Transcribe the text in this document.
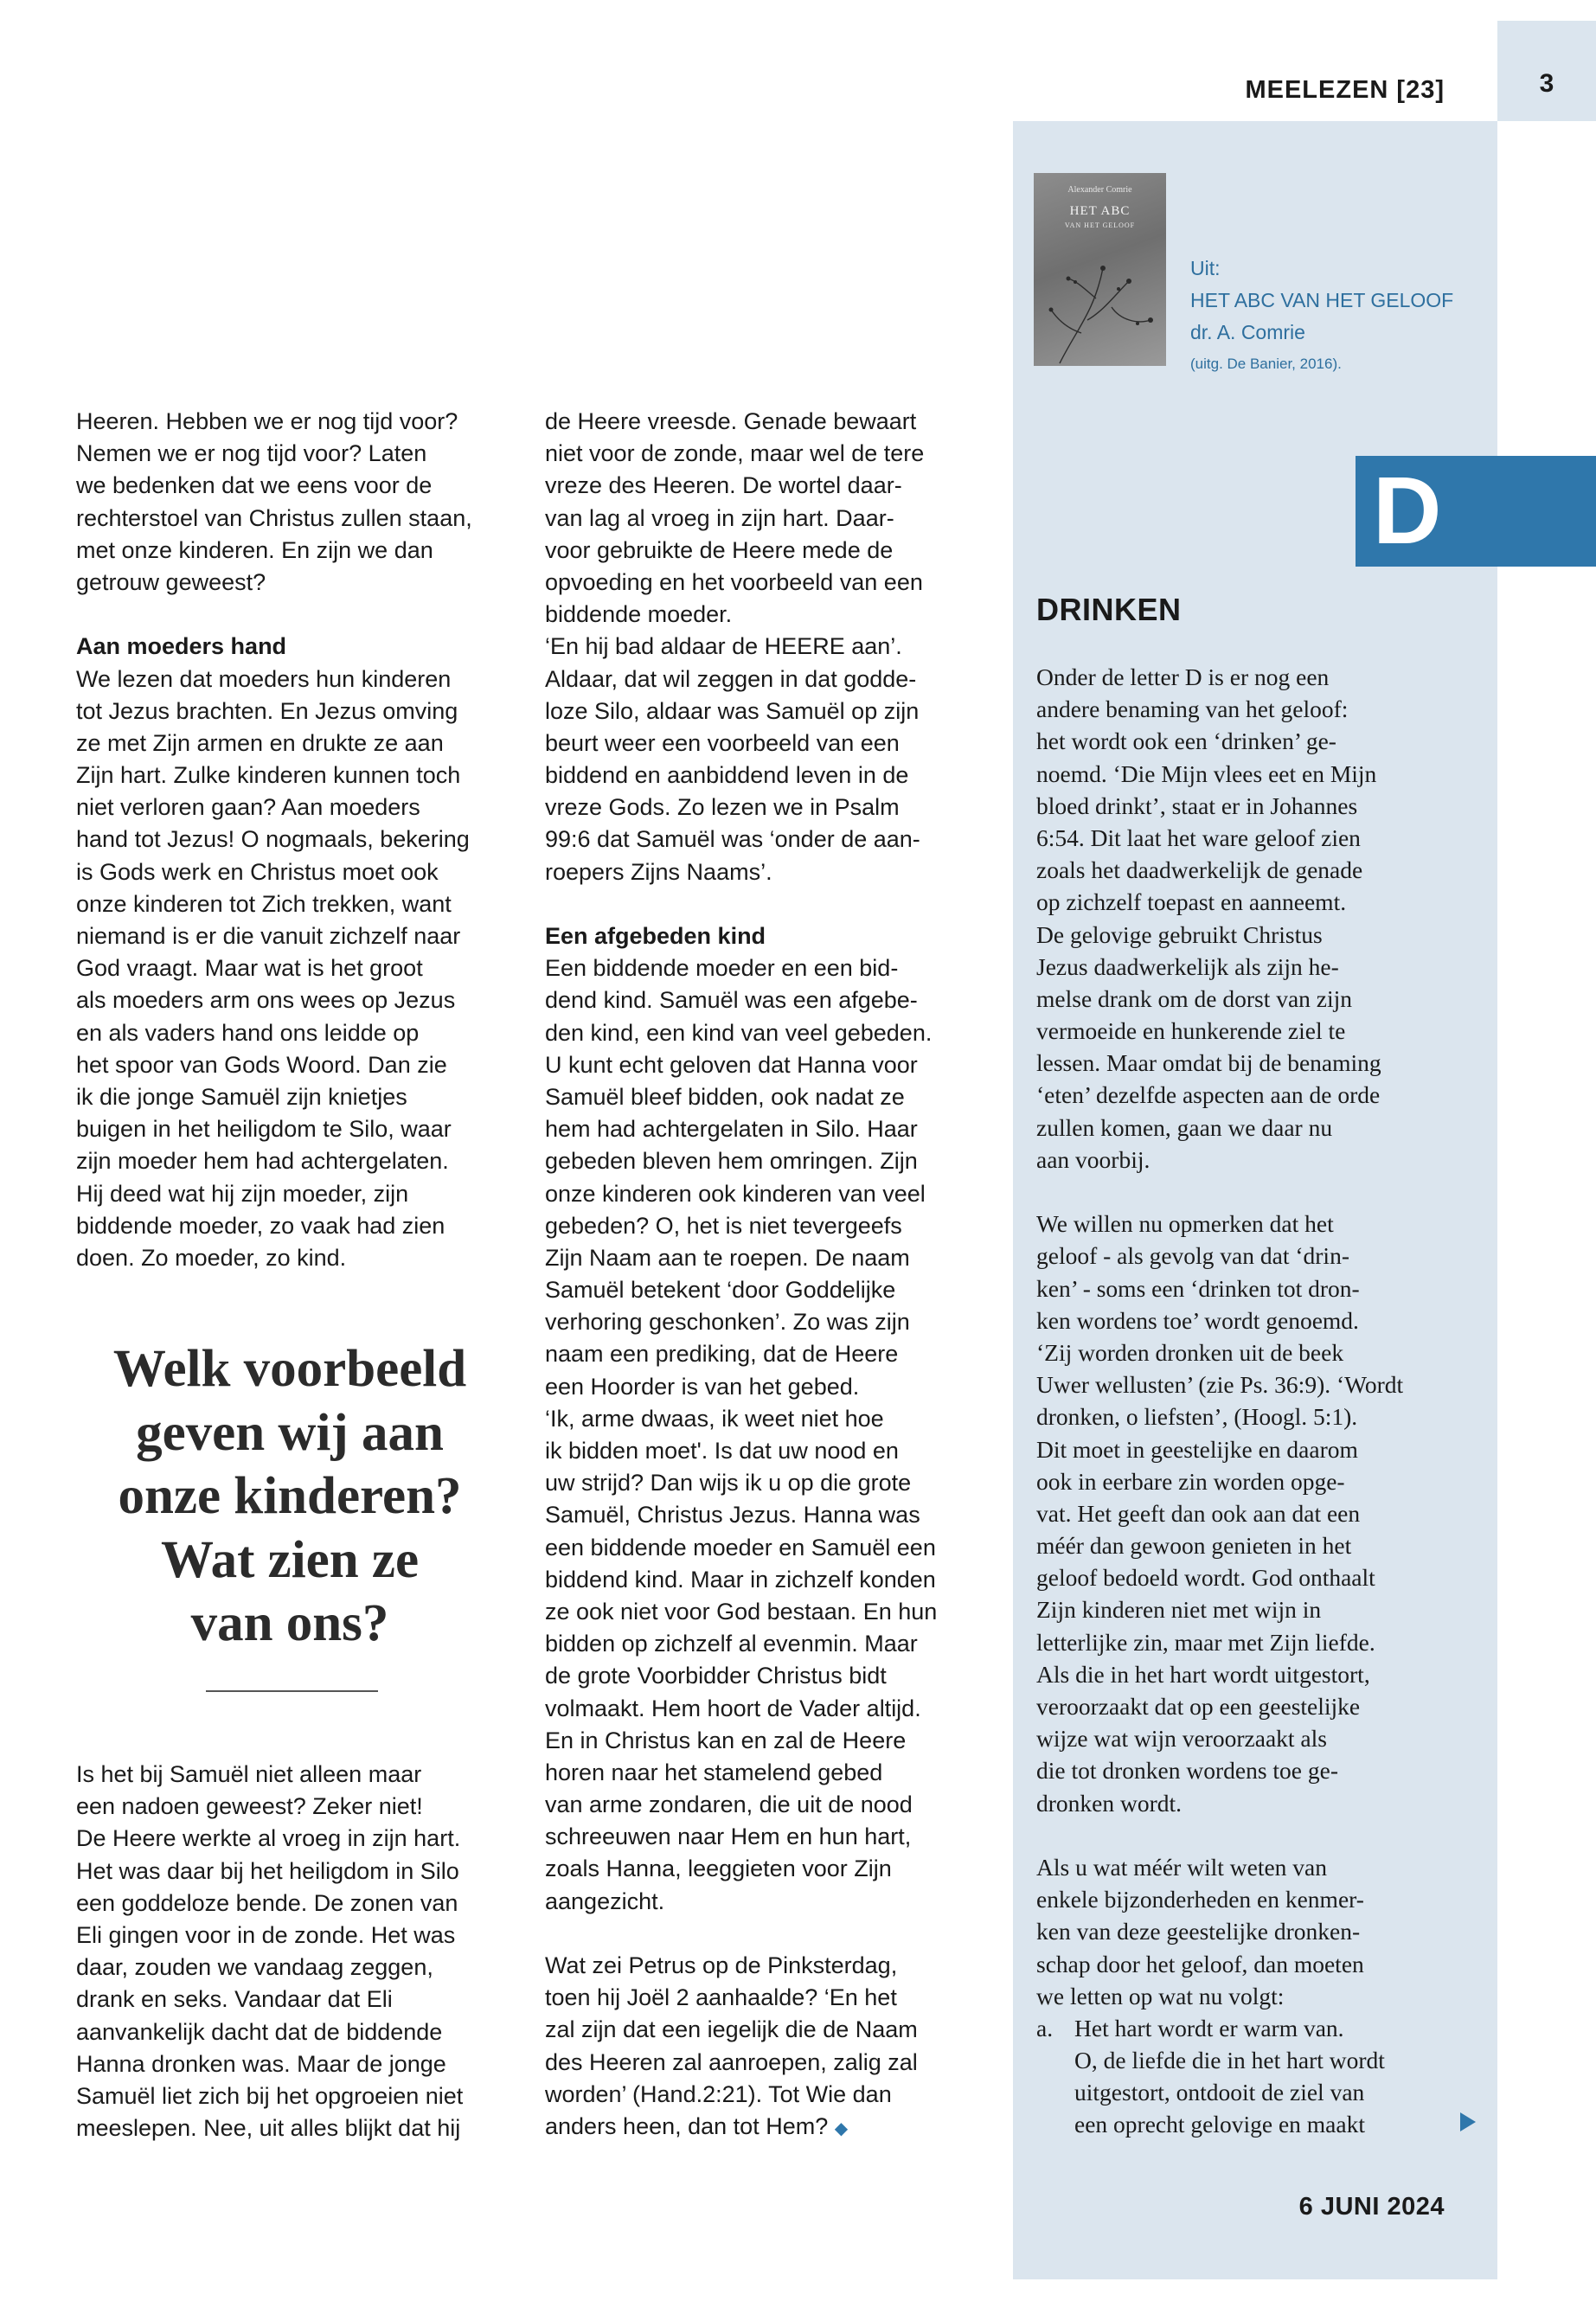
3
MEELEZEN [23]
Alexander Comrie
HET ABC
VAN HET GELOOF
Uit:
HET ABC VAN HET GELOOF
dr. A. Comrie
(uitg. De Banier, 2016).
D
DRINKEN
Onder de letter D is er nog een
andere benaming van het geloof:
het wordt ook een ‘drinken’ ge-
noemd. ‘Die Mijn vlees eet en Mijn
bloed drinkt’, staat er in Johannes
6:54. Dit laat het ware geloof zien
zoals het daadwerkelijk de genade
op zichzelf toepast en aanneemt.
De gelovige gebruikt Christus
Jezus daadwerkelijk als zijn he-
melse drank om de dorst van zijn
vermoeide en hunkerende ziel te
lessen. Maar omdat bij de benaming
‘eten’ dezelfde aspecten aan de orde
zullen komen, gaan we daar nu
aan voorbij.
We willen nu opmerken dat het
geloof - als gevolg van dat ‘drin-
ken’ - soms een ‘drinken tot dron-
ken wordens toe’ wordt genoemd.
‘Zij worden dronken uit de beek
Uwer wellusten’ (zie Ps. 36:9). ‘Wordt
dronken, o liefsten’, (Hoogl. 5:1).
Dit moet in geestelijke en daarom
ook in eerbare zin worden opge-
vat. Het geeft dan ook aan dat een
méér dan gewoon genieten in het
geloof bedoeld wordt. God onthaalt
Zijn kinderen niet met wijn in
letterlijke zin, maar met Zijn liefde.
Als die in het hart wordt uitgestort,
veroorzaakt dat op een geestelijke
wijze wat wijn veroorzaakt als
die tot dronken wordens toe ge-
dronken wordt.
Als u wat méér wilt weten van
enkele bijzonderheden en kenmer-
ken van deze geestelijke dronken-
schap door het geloof, dan moeten
we letten op wat nu volgt:
a. Het hart wordt er warm van.
O, de liefde die in het hart wordt
uitgestort, ontdooit de ziel van
een oprecht gelovige en maakt
6 JUNI 2024
Heeren. Hebben we er nog tijd voor?
Nemen we er nog tijd voor? Laten
we bedenken dat we eens voor de
rechterstoel van Christus zullen staan,
met onze kinderen. En zijn we dan
getrouw geweest?
Aan moeders hand
We lezen dat moeders hun kinderen
tot Jezus brachten. En Jezus omving
ze met Zijn armen en drukte ze aan
Zijn hart. Zulke kinderen kunnen toch
niet verloren gaan? Aan moeders
hand tot Jezus! O nogmaals, bekering
is Gods werk en Christus moet ook
onze kinderen tot Zich trekken, want
niemand is er die vanuit zichzelf naar
God vraagt. Maar wat is het groot
als moeders arm ons wees op Jezus
en als vaders hand ons leidde op
het spoor van Gods Woord. Dan zie
ik die jonge Samuël zijn knietjes
buigen in het heiligdom te Silo, waar
zijn moeder hem had achtergelaten.
Hij deed wat hij zijn moeder, zijn
biddende moeder, zo vaak had zien
doen. Zo moeder, zo kind.
Welk voorbeeld
geven wij aan
onze kinderen?
Wat zien ze
van ons?
Is het bij Samuël niet alleen maar
een nadoen geweest? Zeker niet!
De Heere werkte al vroeg in zijn hart.
Het was daar bij het heiligdom in Silo
een goddeloze bende. De zonen van
Eli gingen voor in de zonde. Het was
daar, zouden we vandaag zeggen,
drank en seks. Vandaar dat Eli
aanvankelijk dacht dat de biddende
Hanna dronken was. Maar de jonge
Samuël liet zich bij het opgroeien niet
meeslepen. Nee, uit alles blijkt dat hij
de Heere vreesde. Genade bewaart
niet voor de zonde, maar wel de tere
vreze des Heeren. De wortel daar-
van lag al vroeg in zijn hart. Daar-
voor gebruikte de Heere mede de
opvoeding en het voorbeeld van een
biddende moeder.
‘En hij bad aldaar de HEERE aan’.
Aldaar, dat wil zeggen in dat godde-
loze Silo, aldaar was Samuël op zijn
beurt weer een voorbeeld van een
biddend en aanbiddend leven in de
vreze Gods. Zo lezen we in Psalm
99:6 dat Samuël was ‘onder de aan-
roepers Zijns Naams’.
Een afgebeden kind
Een biddende moeder en een bid-
dend kind. Samuël was een afgebe-
den kind, een kind van veel gebeden.
U kunt echt geloven dat Hanna voor
Samuël bleef bidden, ook nadat ze
hem had achtergelaten in Silo. Haar
gebeden bleven hem omringen. Zijn
onze kinderen ook kinderen van veel
gebeden? O, het is niet tevergeefs
Zijn Naam aan te roepen. De naam
Samuël betekent ‘door Goddelijke
verhoring geschonken’. Zo was zijn
naam een prediking, dat de Heere
een Hoorder is van het gebed.
‘Ik, arme dwaas, ik weet niet hoe
ik bidden moet'. Is dat uw nood en
uw strijd? Dan wijs ik u op die grote
Samuël, Christus Jezus. Hanna was
een biddende moeder en Samuël een
biddend kind. Maar in zichzelf konden
ze ook niet voor God bestaan. En hun
bidden op zichzelf al evenmin. Maar
de grote Voorbidder Christus bidt
volmaakt. Hem hoort de Vader altijd.
En in Christus kan en zal de Heere
horen naar het stamelend gebed
van arme zondaren, die uit de nood
schreeuwen naar Hem en hun hart,
zoals Hanna, leeggieten voor Zijn
aangezicht.
Wat zei Petrus op de Pinksterdag,
toen hij Joël 2 aanhaalde? ‘En het
zal zijn dat een iegelijk die de Naam
des Heeren zal aanroepen, zalig zal
worden’ (Hand.2:21). Tot Wie dan
anders heen, dan tot Hem? ◆
